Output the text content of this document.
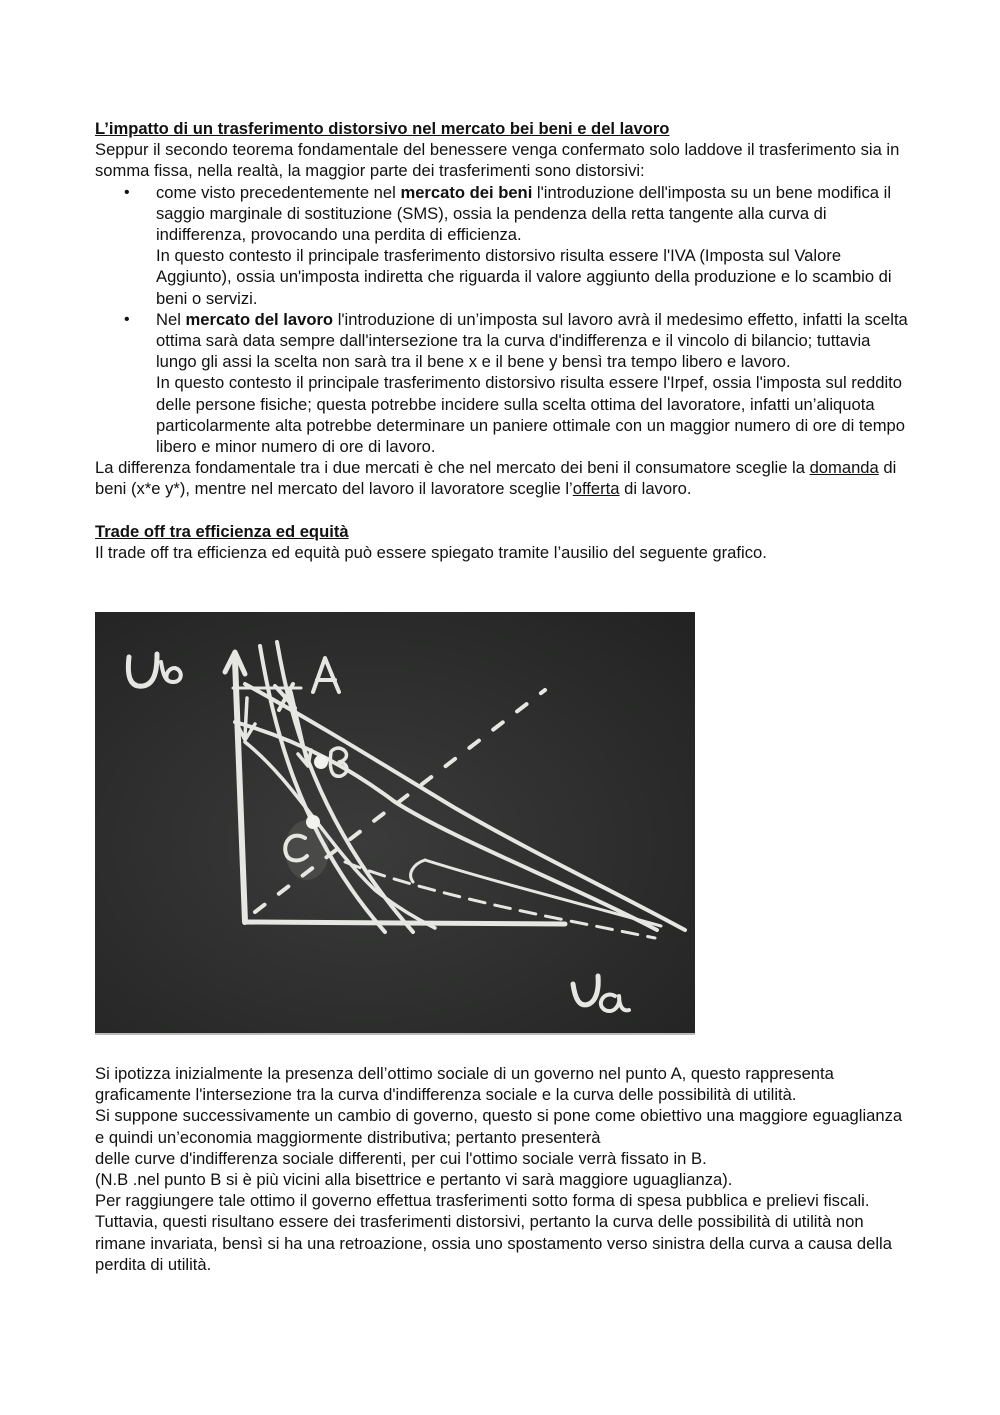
L’impatto di un trasferimento distorsivo nel mercato bei beni e del lavoro

Seppur il secondo teorema fondamentale del benessere venga confermato solo laddove il trasferimento sia in somma fissa, nella realtà, la maggior parte dei trasferimenti sono distorsivi:

• come visto precedentemente nel mercato dei beni l'introduzione dell'imposta su un bene modifica il saggio marginale di sostituzione (SMS), ossia la pendenza della retta tangente alla curva di indifferenza, provocando una perdita di efficienza.
In questo contesto il principale trasferimento distorsivo risulta essere l'IVA (Imposta sul Valore Aggiunto), ossia un'imposta indiretta che riguarda il valore aggiunto della produzione e lo scambio di beni o servizi.
• Nel mercato del lavoro l'introduzione di un’imposta sul lavoro avrà il medesimo effetto, infatti la scelta ottima sarà data sempre dall'intersezione tra la curva d'indifferenza e il vincolo di bilancio; tuttavia lungo gli assi la scelta non sarà tra il bene x e il bene y bensì tra tempo libero e lavoro.
In questo contesto il principale trasferimento distorsivo risulta essere l'Irpef, ossia l'imposta sul reddito delle persone fisiche; questa potrebbe incidere sulla scelta ottima del lavoratore, infatti un’aliquota particolarmente alta potrebbe determinare un paniere ottimale con un maggior numero di ore di tempo libero e minor numero di ore di lavoro.

La differenza fondamentale tra i due mercati è che nel mercato dei beni il consumatore sceglie la domanda di beni (x*e y*), mentre nel mercato del lavoro il lavoratore sceglie l’offerta di lavoro.

Trade off tra efficienza ed equità

Il trade off tra efficienza ed equità può essere spiegato tramite l’ausilio del seguente grafico.

Si ipotizza inizialmente la presenza dell’ottimo sociale di un governo nel punto A, questo rappresenta graficamente l'intersezione tra la curva d'indifferenza sociale e la curva delle possibilità di utilità.

Si suppone successivamente un cambio di governo, questo si pone come obiettivo una maggiore eguaglianza e quindi un’economia maggiormente distributiva; pertanto presenterà

delle curve d'indifferenza sociale differenti, per cui l'ottimo sociale verrà fissato in B.

(N.B .nel punto B si è più vicini alla bisettrice e pertanto vi sarà maggiore uguaglianza).

Per raggiungere tale ottimo il governo effettua trasferimenti sotto forma di spesa pubblica e prelievi fiscali. Tuttavia, questi risultano essere dei trasferimenti distorsivi, pertanto la curva delle possibilità di utilità non rimane invariata, bensì si ha una retroazione, ossia uno spostamento verso sinistra della curva a causa della perdita di utilità.
